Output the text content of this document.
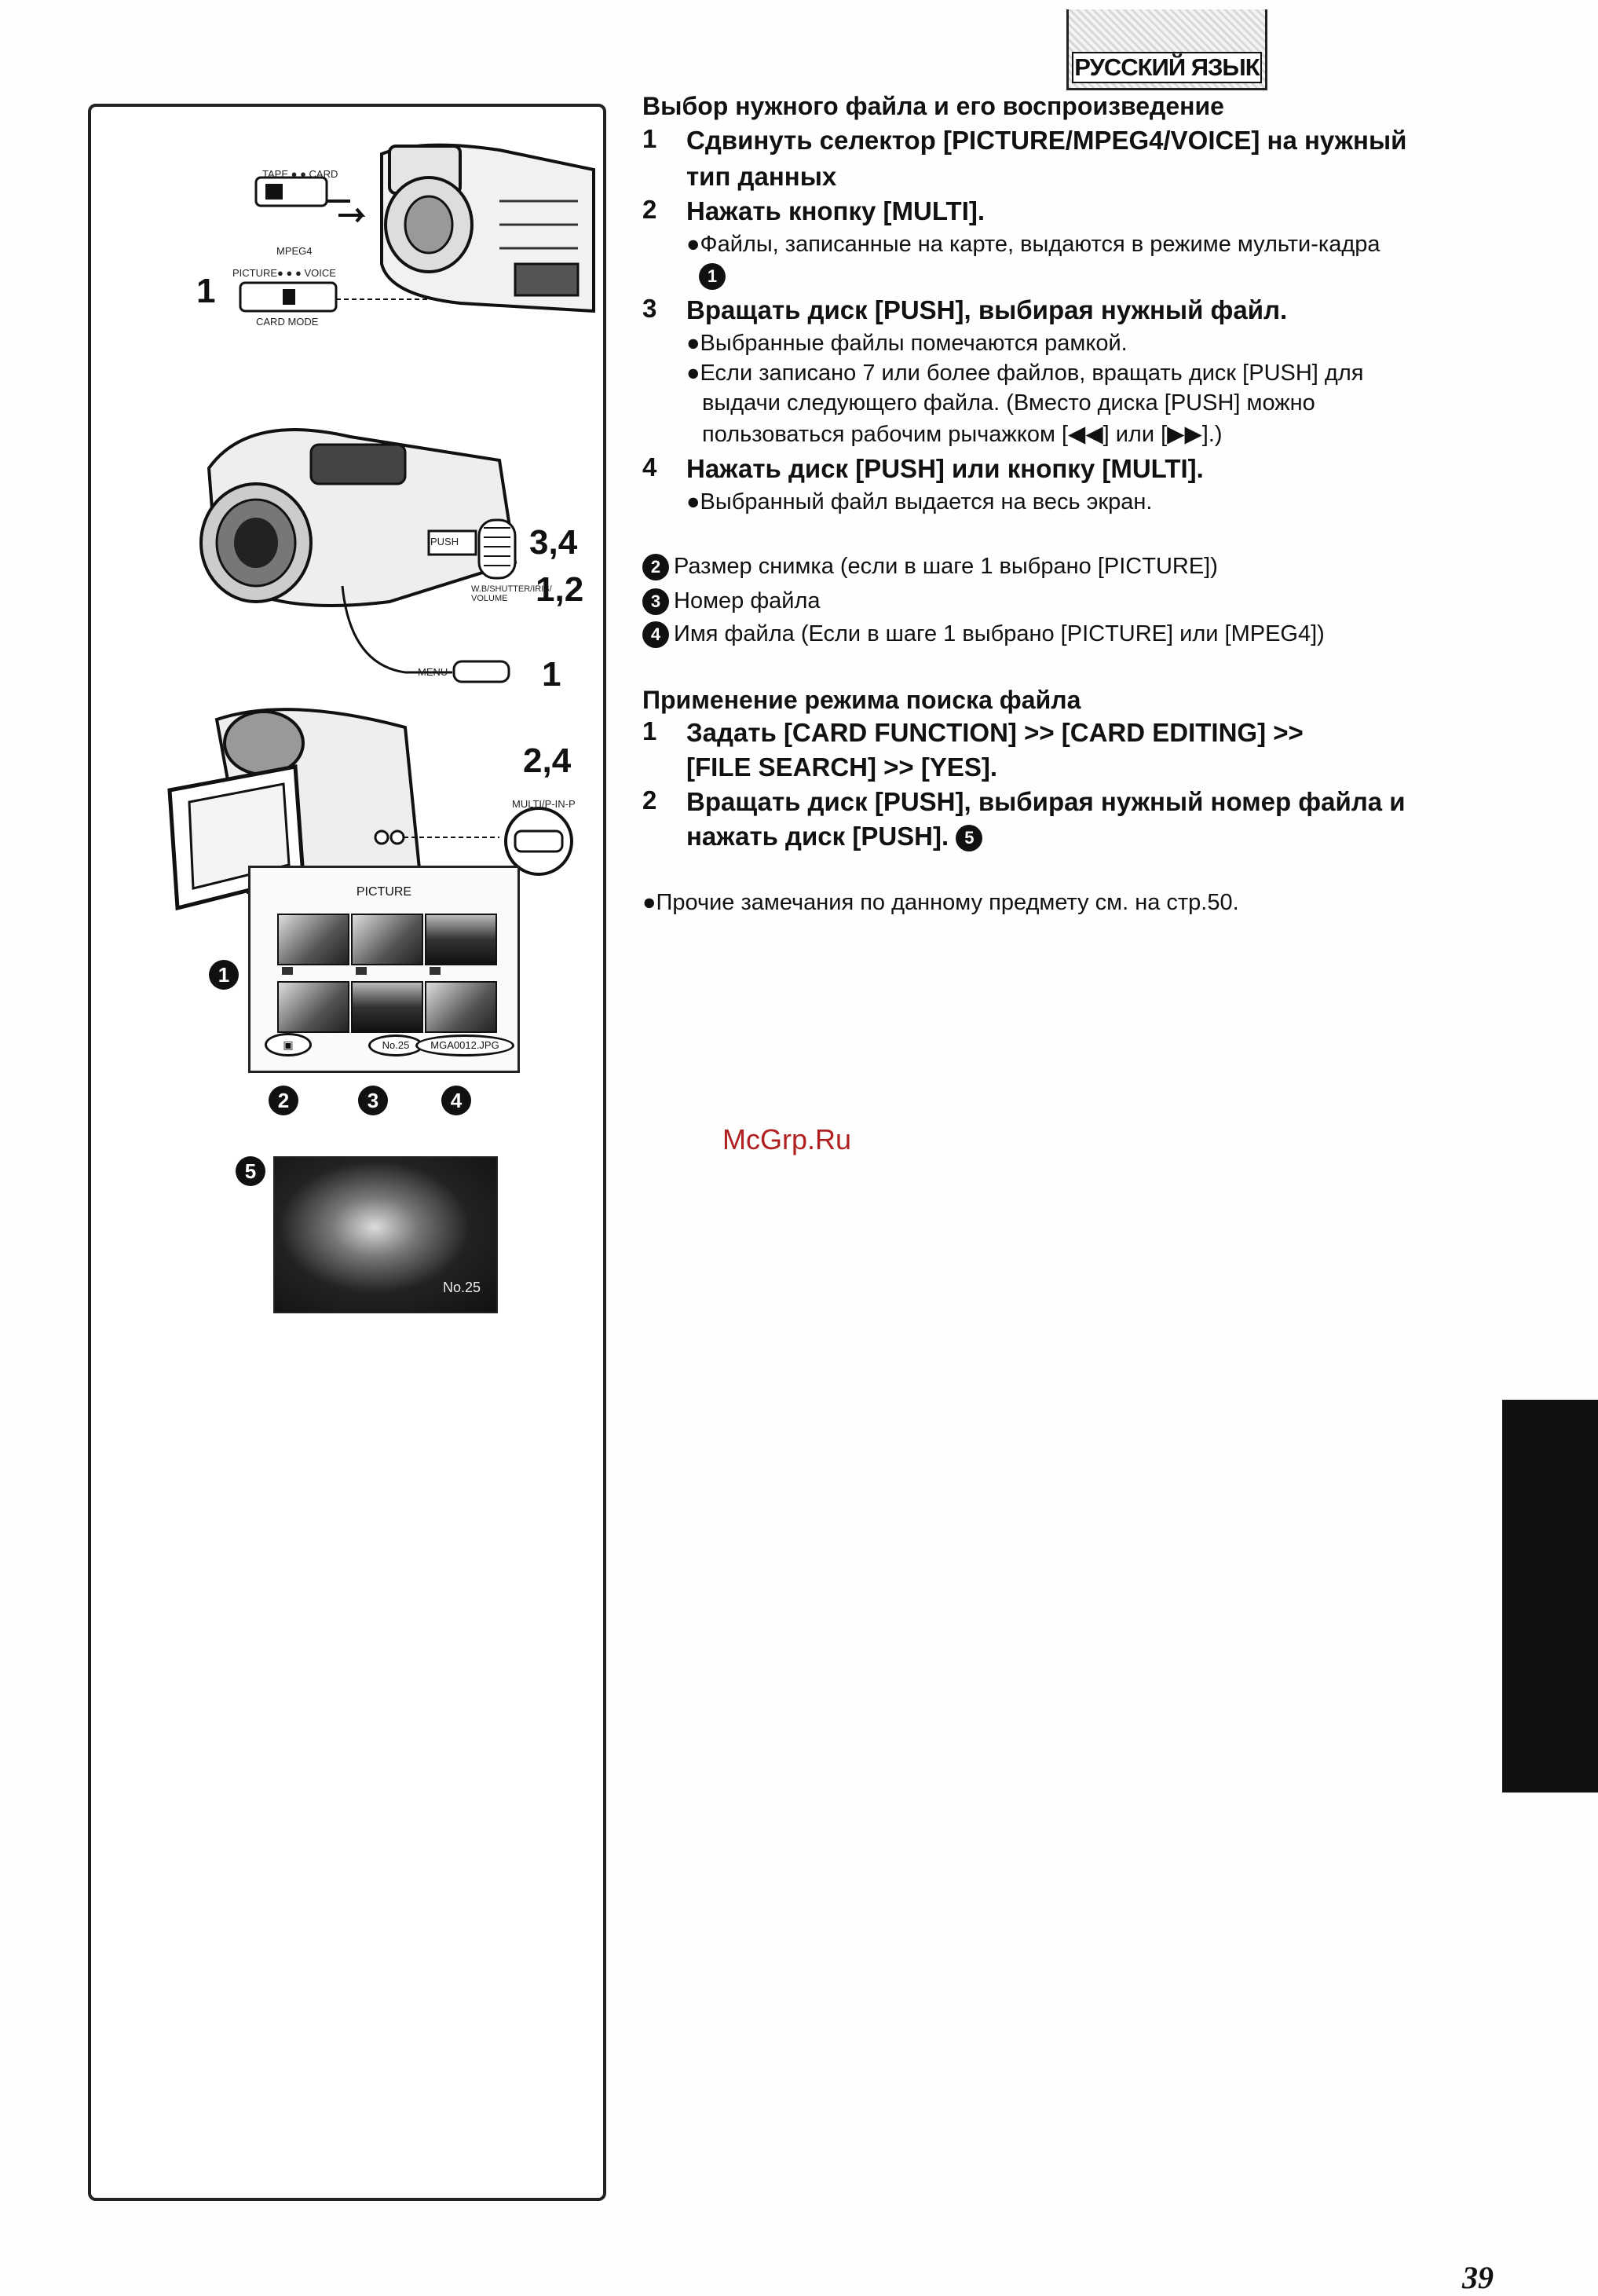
РУССКИЙ ЯЗЫК
TAPE ● ● CARD
MPEG4
PICTURE● ● ● VOICE
CARD MODE
1
PUSH
W.B/SHUTTER/IRIS/ VOLUME
MENU
3,4
1,2
1
MULTI/P-IN-P
2,4
1
PICTURE
▣	No.25	MGA0012.JPG
2	3	4
5
No.25
Выбор нужного файла и его воспроизведение
1 Сдвинуть селектор [PICTURE/MPEG4/VOICE] на нужный
тип данных
2 Нажать кнопку [MULTI].
●Файлы, записанные на карте, выдаются в режиме мульти-кадра
1
3 Вращать диск [PUSH], выбирая нужный файл.
●Выбранные файлы помечаются рамкой.
●Если записано 7 или более файлов, вращать диск [PUSH] для
выдачи следующего файла. (Вместо диска [PUSH] можно
пользоваться рабочим рычажком [◀◀] или [▶▶].)
4 Нажать диск [PUSH] или кнопку [MULTI].
●Выбранный файл выдается на весь экран.
2 Размер снимка (если в шаге 1 выбрано [PICTURE])
3 Номер файла
4 Имя файла (Если в шаге 1 выбрано [PICTURE] или [MPEG4])
Применение режима поиска файла
1 Задать [CARD FUNCTION] >> [CARD EDITING] >>
[FILE SEARCH] >> [YES].
2 Вращать диск [PUSH], выбирая нужный номер файла и
нажать диск [PUSH]. 5
●Прочие замечания по данному предмету см. на стр.50.
McGrp.Ru
39
